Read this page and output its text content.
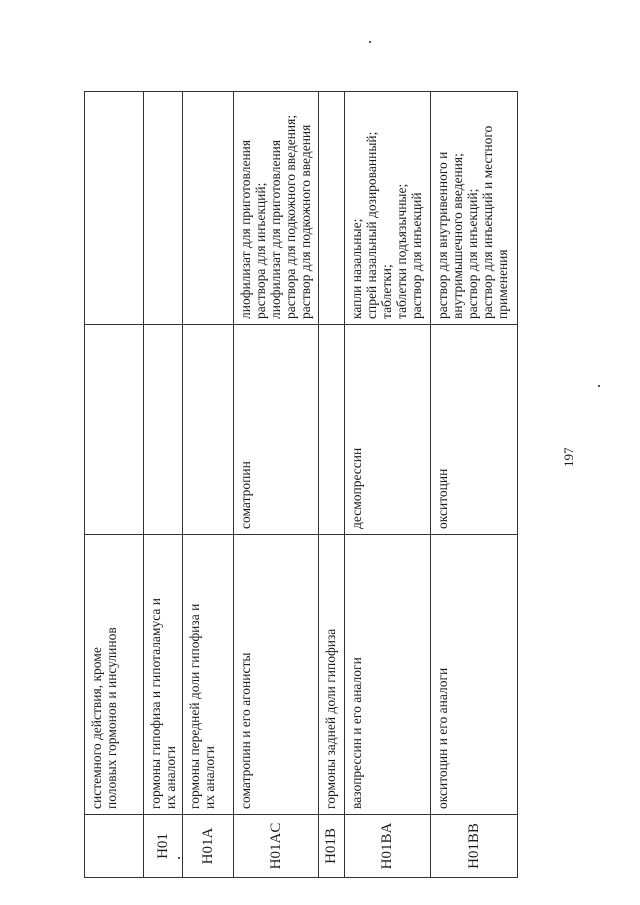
	системного действия, кроме половых гормонов и инсулинов		

H01	гормоны гипофиза и гипоталамуса и их аналоги		

H01A	гормоны передней доли гипофиза и их аналоги		

H01AC	соматропин и его агонисты	соматропин	лиофилизат для приготовления раствора для инъекций; лиофилизат для приготовления раствора для подкожного введения; раствор для подкожного введения

H01B	гормоны задней доли гипофиза		

H01BA	вазопрессин и его аналоги	десмопрессин	капли назальные; спрей назальный дозированный; таблетки; таблетки подъязычные; раствор для инъекций

H01BB	окситоцин и его аналоги	окситоцин	раствор для внутривенного и внутримышечного введения; раствор для инъекций; раствор для инъекций и местного применения
197
